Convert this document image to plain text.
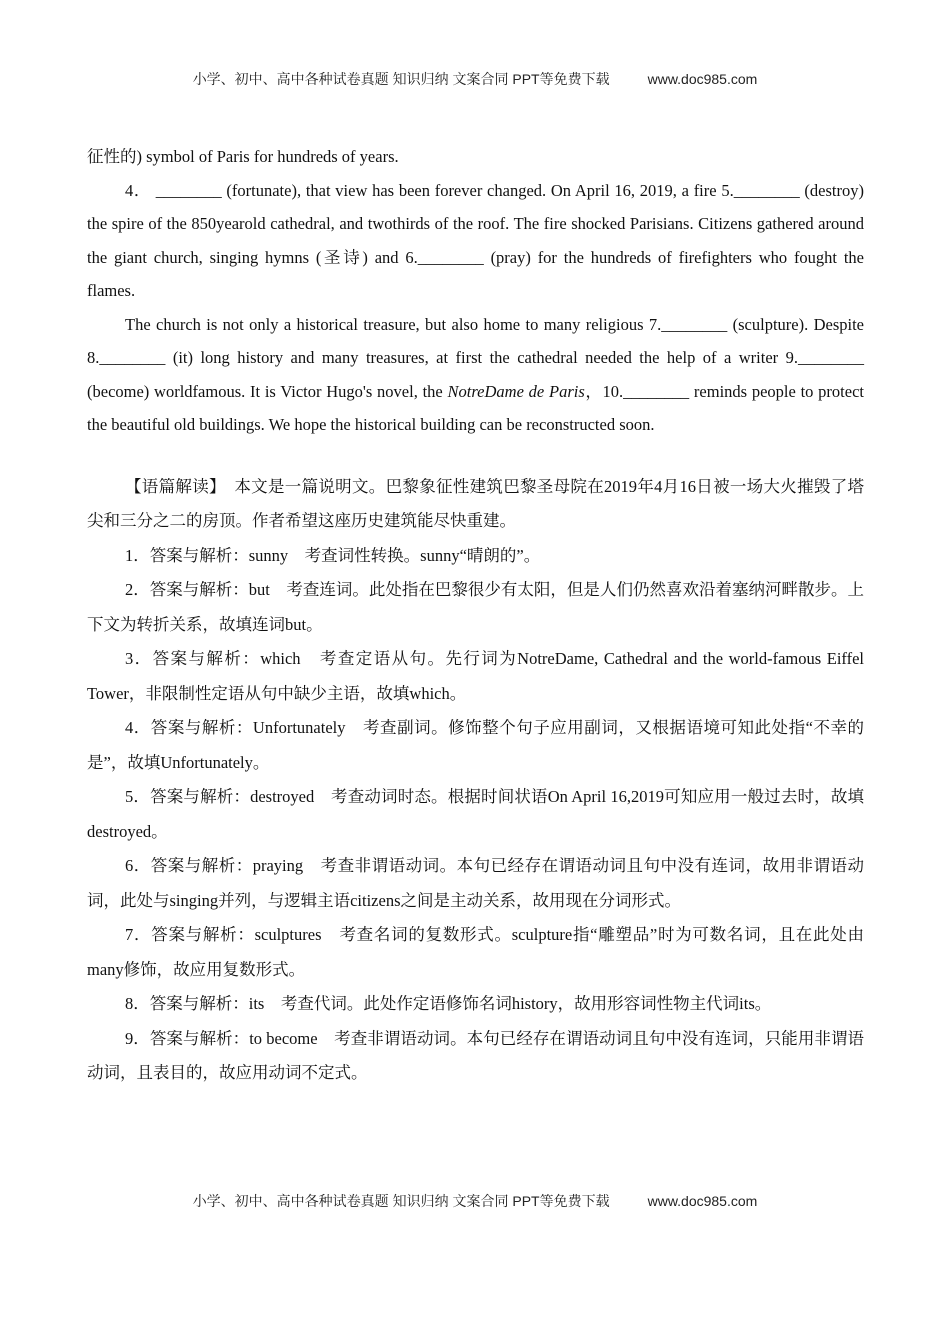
小学、初中、高中各种试卷真题 知识归纳 文案合同 PPT等免费下载	www.doc985.com

征性的) symbol of Paris for hundreds of years.

4． ________ (fortunate), that view has been forever changed. On April 16, 2019, a fire 5.________ (destroy) the spire of the 850yearold cathedral, and twothirds of the roof. The fire shocked Parisians. Citizens gathered around the giant church, singing hymns (圣诗) and 6.________ (pray) for the hundreds of firefighters who fought the flames.

The church is not only a historical treasure, but also home to many religious 7.________ (sculpture). Despite 8.________ (it) long history and many treasures, at first the cathedral needed the help of a writer 9.________ (become) worldfamous. It is Victor Hugo's novel, the NotreDame de Paris，10.________ reminds people to protect the beautiful old buildings. We hope the historical building can be reconstructed soon.

【语篇解读】　本文是一篇说明文。巴黎象征性建筑巴黎圣母院在2019年4月16日被一场大火摧毁了塔尖和三分之二的房顶。作者希望这座历史建筑能尽快重建。

1．答案与解析：sunny　考查词性转换。sunny“晴朗的”。

2．答案与解析：but　考查连词。此处指在巴黎很少有太阳，但是人们仍然喜欢沿着塞纳河畔散步。上下文为转折关系，故填连词but。

3．答案与解析：which　考查定语从句。先行词为NotreDame, Cathedral and the world-famous Eiffel Tower，非限制性定语从句中缺少主语，故填which。

4．答案与解析：Unfortunately　考查副词。修饰整个句子应用副词，又根据语境可知此处指“不幸的是”，故填Unfortunately。

5．答案与解析：destroyed　考查动词时态。根据时间状语On April 16,2019可知应用一般过去时，故填destroyed。

6．答案与解析：praying　考查非谓语动词。本句已经存在谓语动词且句中没有连词，故用非谓语动词，此处与singing并列，与逻辑主语citizens之间是主动关系，故用现在分词形式。

7．答案与解析：sculptures　考查名词的复数形式。sculpture指“雕塑品”时为可数名词，且在此处由many修饰，故应用复数形式。

8．答案与解析：its　考查代词。此处作定语修饰名词history，故用形容词性物主代词its。

9．答案与解析：to become　考查非谓语动词。本句已经存在谓语动词且句中没有连词，只能用非谓语动词，且表目的，故应用动词不定式。

小学、初中、高中各种试卷真题 知识归纳 文案合同 PPT等免费下载	www.doc985.com
